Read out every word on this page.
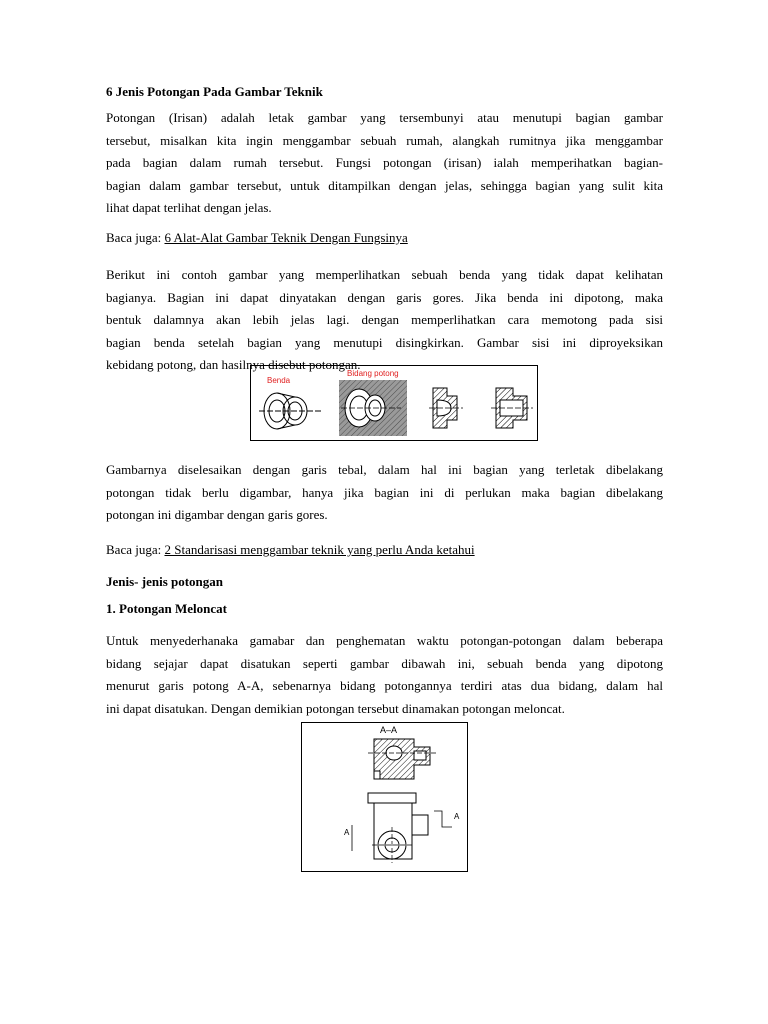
6 Jenis Potongan Pada Gambar Teknik
Potongan (Irisan) adalah letak gambar yang tersembunyi atau menutupi bagian gambar
tersebut, misalkan kita ingin menggambar sebuah rumah, alangkah rumitnya jika menggambar
pada bagian dalam rumah tersebut. Fungsi potongan (irisan) ialah memperihatkan bagian-
bagian dalam gambar tersebut, untuk ditampilkan dengan jelas, sehingga bagian yang sulit kita
lihat dapat terlihat dengan jelas.
Baca juga: 6 Alat-Alat Gambar Teknik Dengan Fungsinya
Berikut ini contoh gambar yang memperlihatkan sebuah benda yang tidak dapat kelihatan
bagianya. Bagian ini dapat dinyatakan dengan garis gores. Jika benda ini dipotong, maka
bentuk dalamnya akan lebih jelas lagi. dengan memperlihatkan cara memotong pada sisi
bagian benda setelah bagian yang menutupi disingkirkan. Gambar sisi ini diproyeksikan
kebidang potong, dan hasilnya disebut potongan.
Benda
Bidang potong
Gambarnya diselesaikan dengan garis tebal, dalam hal ini bagian yang terletak dibelakang
potongan tidak berlu digambar, hanya jika bagian ini di perlukan maka bagian dibelakang
potongan ini digambar dengan garis gores.
Baca juga: 2 Standarisasi menggambar teknik yang perlu Anda ketahui
Jenis- jenis potongan
1. Potongan Meloncat
Untuk menyederhanaka gamabar dan penghematan waktu potongan-potongan dalam beberapa
bidang sejajar dapat disatukan seperti gambar dibawah ini, sebuah benda yang dipotong
menurut garis potong A-A, sebenarnya bidang potongannya terdiri atas dua bidang, dalam hal
ini dapat disatukan. Dengan demikian potongan tersebut dinamakan potongan meloncat.
A–A
A
A
